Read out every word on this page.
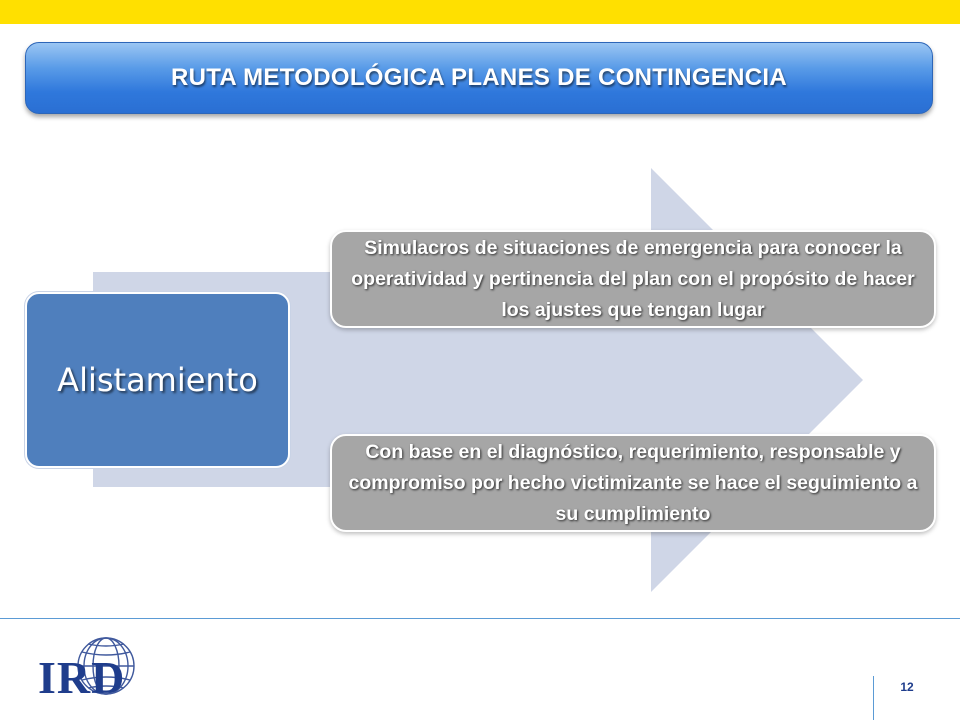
RUTA METODOLÓGICA PLANES DE CONTINGENCIA
Alistamiento
Simulacros de situaciones de emergencia para conocer la operatividad y pertinencia del plan con el propósito de hacer los ajustes que tengan lugar
Con base en el diagnóstico, requerimiento, responsable y compromiso por hecho victimizante se hace el seguimiento a su cumplimiento
IRD	12
